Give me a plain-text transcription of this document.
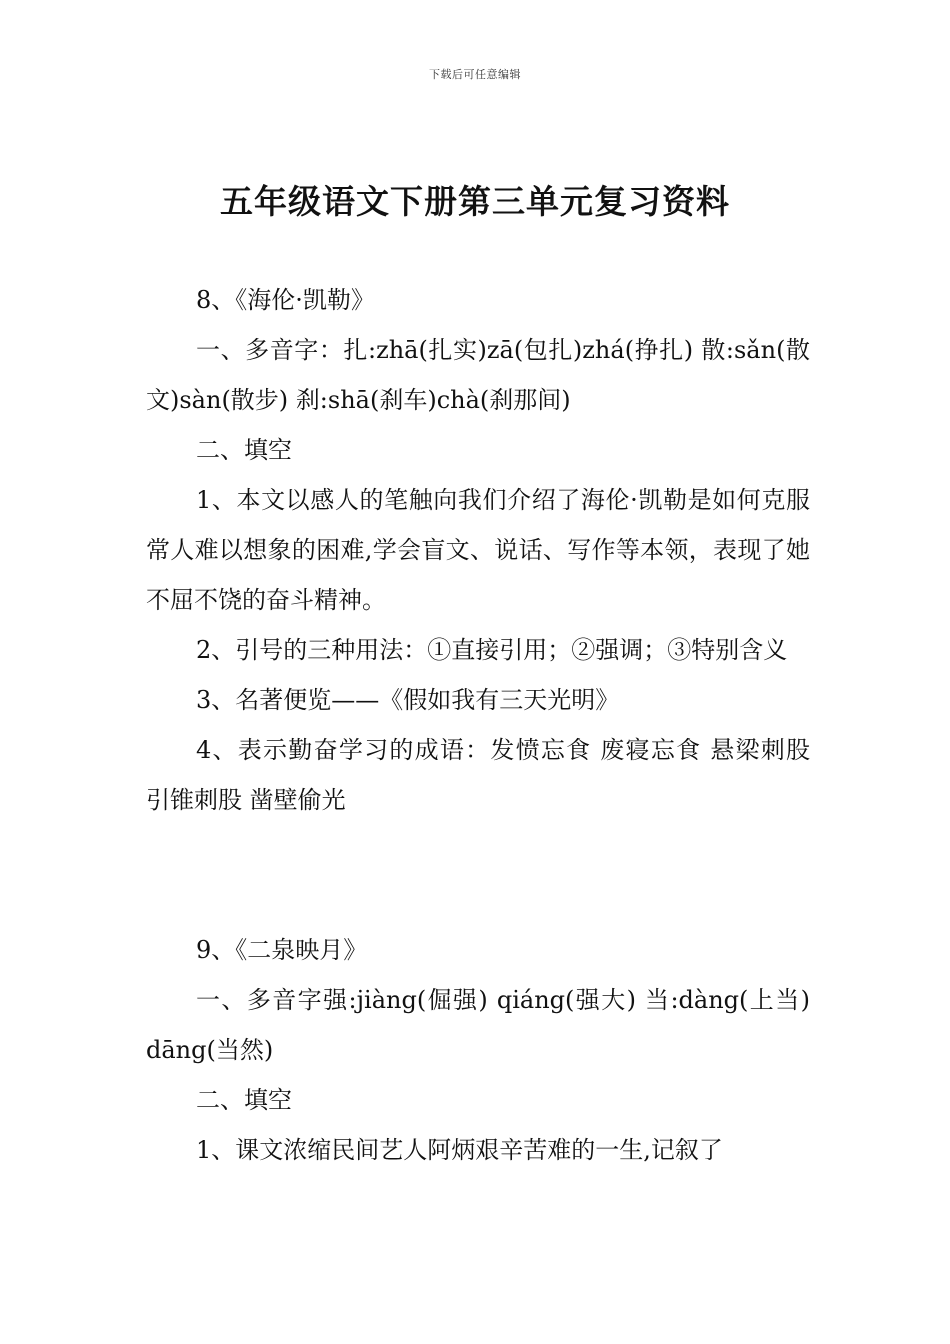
下载后可任意编辑
五年级语文下册第三单元复习资料

8、《海伦·凯勒》

一、多音字：扎:zhā(扎实)zā(包扎)zhá(挣扎) 散:sǎn(散文)sàn(散步) 刹:shā(刹车)chà(刹那间)

二、填空

1、本文以感人的笔触向我们介绍了海伦·凯勒是如何克服常人难以想象的困难,学会盲文、说话、写作等本领，表现了她不屈不饶的奋斗精神。

2、引号的三种用法：①直接引用；②强调；③特别含义

3、名著便览——《假如我有三天光明》

4、表示勤奋学习的成语：发愤忘食 废寝忘食 悬梁刺股 引锥刺股 凿壁偷光

9、《二泉映月》

一、多音字强:jiàng(倔强) qiáng(强大) 当:dàng(上当) dāng(当然)

二、填空

1、课文浓缩民间艺人阿炳艰辛苦难的一生,记叙了
